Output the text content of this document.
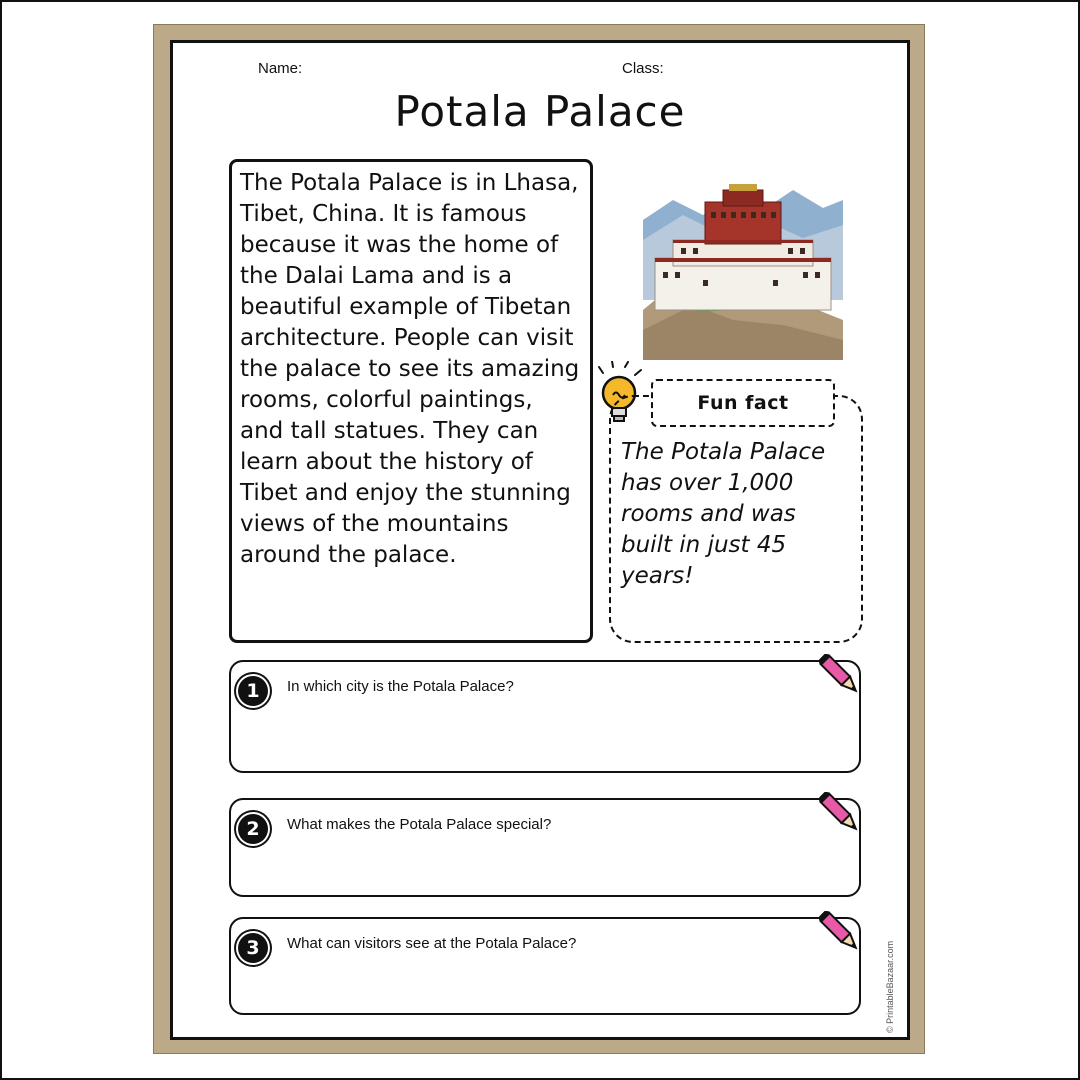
Name:	Class:
Potala Palace
The Potala Palace is in Lhasa, Tibet, China. It is famous because it was the home of the Dalai Lama and is a beautiful example of Tibetan architecture. People can visit the palace to see its amazing rooms, colorful paintings, and tall statues. They can learn about the history of Tibet and enjoy the stunning views of the mountains around the palace.
Fun fact
The Potala Palace has over 1,000 rooms and was built in just 45 years!
1	In which city is the Potala Palace?
2	What makes the Potala Palace special?
3	What can visitors see at the Potala Palace?	© PrintableBazaar.com
